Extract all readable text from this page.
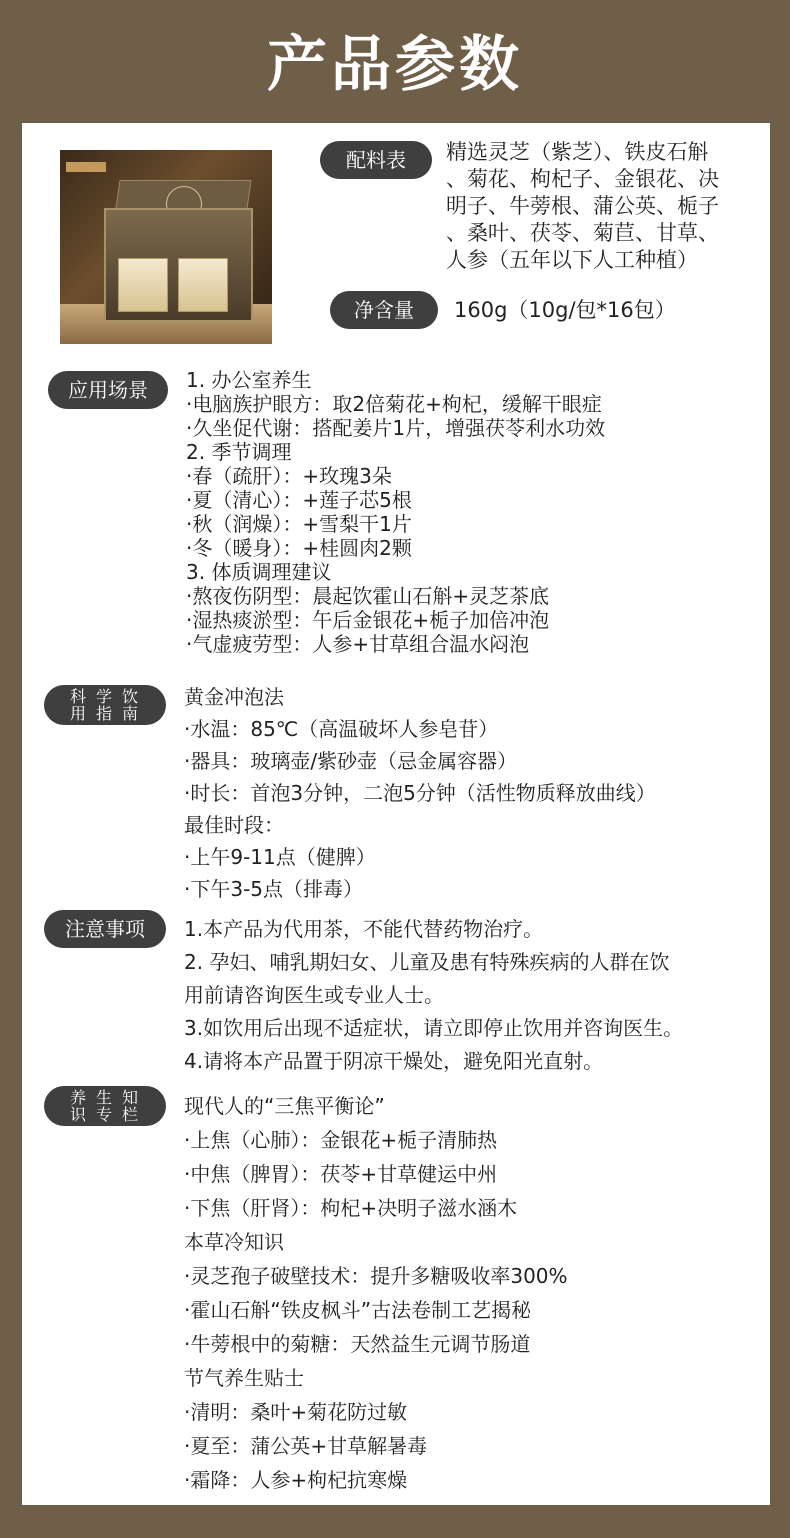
产品参数
配料表	精选灵芝（紫芝）、铁皮石斛
、菊花、枸杞子、金银花、决
明子、牛蒡根、蒲公英、栀子
、桑叶、茯苓、菊苣、甘草、
人参（五年以下人工种植）
净含量	160g（10g/包*16包）
应用场景	1. 办公室养生
·电脑族护眼方：取2倍菊花+枸杞，缓解干眼症
·久坐促代谢：搭配姜片1片，增强茯苓利水功效
2. 季节调理
·春（疏肝）：+玫瑰3朵
·夏（清心）：+莲子芯5根
·秋（润燥）：+雪梨干1片
·冬（暖身）：+桂圆肉2颗
3. 体质调理建议
·熬夜伤阴型：晨起饮霍山石斛+灵芝茶底
·湿热痰淤型：午后金银花+栀子加倍冲泡
·气虚疲劳型：人参+甘草组合温水闷泡
科学饮
用指南
黄金冲泡法
·水温：85℃（高温破坏人参皂苷）
·器具：玻璃壶/紫砂壶（忌金属容器）
·时长：首泡3分钟，二泡5分钟（活性物质释放曲线）
最佳时段：
·上午9-11点（健脾）
·下午3-5点（排毒）
注意事项	1.本产品为代用茶，不能代替药物治疗。
2. 孕妇、哺乳期妇女、儿童及患有特殊疾病的人群在饮
用前请咨询医生或专业人士。
3.如饮用后出现不适症状，请立即停止饮用并咨询医生。
4.请将本产品置于阴凉干燥处，避免阳光直射。
养生知
识专栏	现代人的“三焦平衡论”
·上焦（心肺）：金银花+栀子清肺热
·中焦（脾胃）：茯苓+甘草健运中州
·下焦（肝肾）：枸杞+决明子滋水涵木
本草冷知识
·灵芝孢子破壁技术：提升多糖吸收率300%
·霍山石斛“铁皮枫斗”古法卷制工艺揭秘
·牛蒡根中的菊糖：天然益生元调节肠道
节气养生贴士
·清明：桑叶+菊花防过敏
·夏至：蒲公英+甘草解暑毒
·霜降：人参+枸杞抗寒燥
